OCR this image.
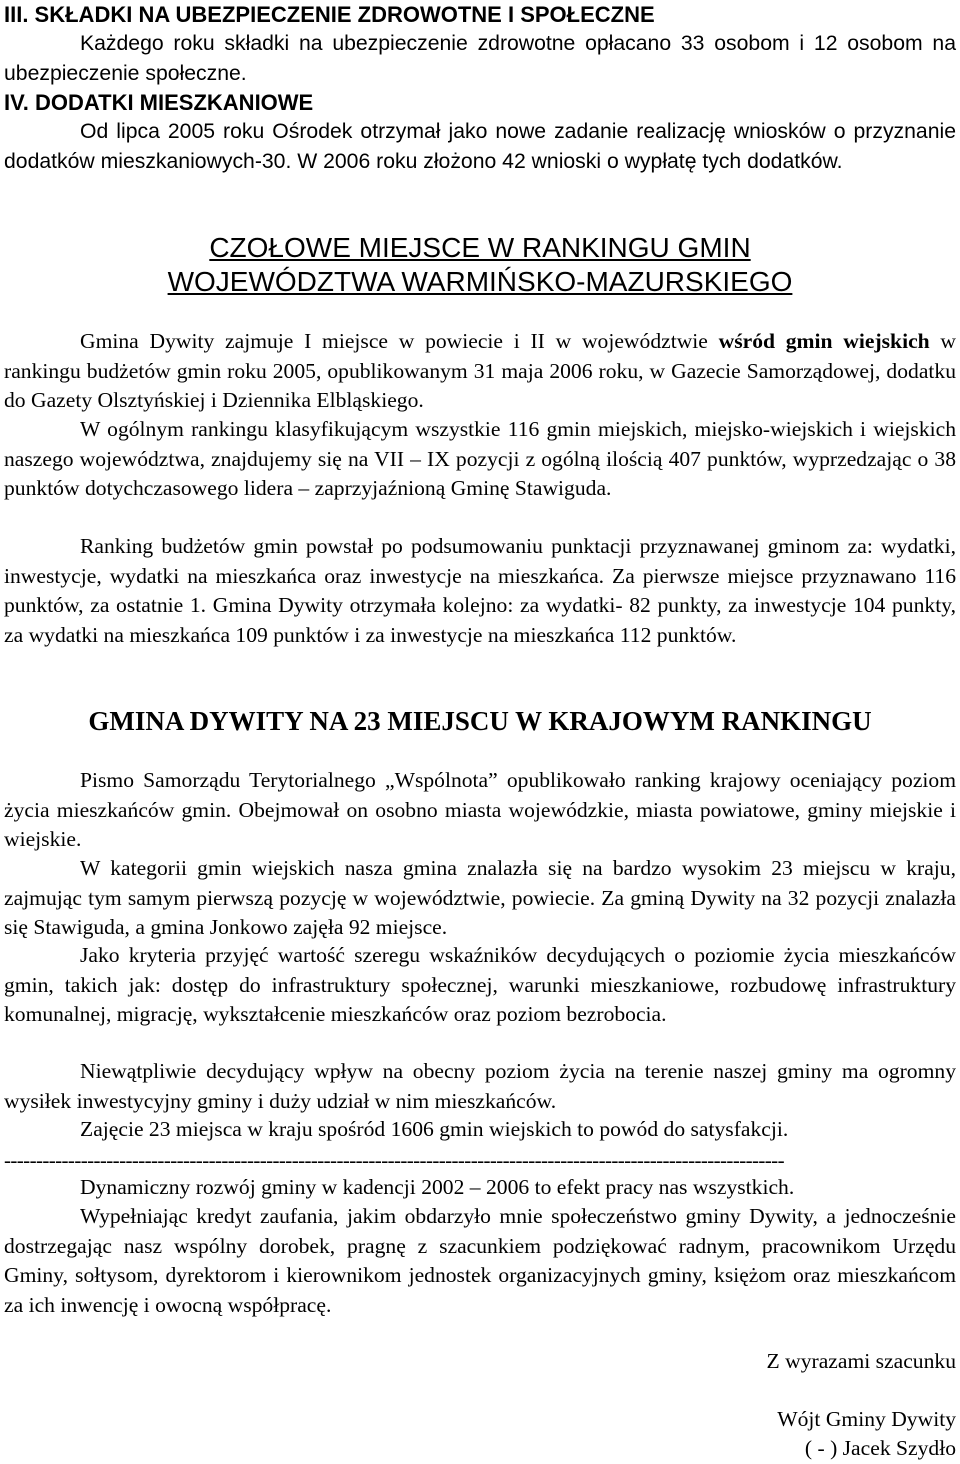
III. SKŁADKI NA UBEZPIECZENIE ZDROWOTNE I SPOŁECZNE

Każdego roku składki na ubezpieczenie zdrowotne opłacano 33 osobom i 12 osobom na ubezpieczenie społeczne.

IV. DODATKI MIESZKANIOWE

Od lipca 2005 roku Ośrodek otrzymał jako nowe zadanie realizację wniosków o przyznanie dodatków mieszkaniowych-30. W 2006 roku złożono 42 wnioski o wypłatę tych dodatków.

CZOŁOWE MIEJSCE W RANKINGU GMIN
WOJEWÓDZTWA WARMIŃSKO-MAZURSKIEGO

Gmina Dywity zajmuje I miejsce w powiecie i II w województwie wśród gmin wiejskich w rankingu budżetów gmin roku 2005, opublikowanym 31 maja 2006 roku, w Gazecie Samorządowej, dodatku do Gazety Olsztyńskiej i Dziennika Elbląskiego.

W ogólnym rankingu klasyfikującym wszystkie 116 gmin miejskich, miejsko-wiejskich i wiejskich naszego województwa, znajdujemy się na VII – IX pozycji z ogólną ilością 407 punktów, wyprzedzając o 38 punktów dotychczasowego lidera – zaprzyjaźnioną Gminę Stawiguda.

Ranking budżetów gmin powstał po podsumowaniu punktacji przyznawanej gminom za: wydatki, inwestycje, wydatki na mieszkańca oraz inwestycje na mieszkańca. Za pierwsze miejsce przyznawano 116 punktów, za ostatnie 1. Gmina Dywity otrzymała kolejno: za wydatki- 82 punkty, za inwestycje 104 punkty, za wydatki na mieszkańca 109 punktów i za inwestycje na mieszkańca 112 punktów.

GMINA DYWITY NA 23 MIEJSCU W KRAJOWYM RANKINGU

Pismo Samorządu Terytorialnego „Wspólnota” opublikowało ranking krajowy oceniający poziom życia mieszkańców gmin. Obejmował on osobno miasta wojewódzkie, miasta powiatowe, gminy miejskie i wiejskie.

W kategorii gmin wiejskich nasza gmina znalazła się na bardzo wysokim 23 miejscu w kraju, zajmując tym samym pierwszą pozycję w województwie, powiecie. Za gminą Dywity na 32 pozycji znalazła się Stawiguda, a gmina Jonkowo zajęła 92 miejsce.

Jako kryteria przyjęć wartość szeregu wskaźników decydujących o poziomie życia mieszkańców gmin, takich jak: dostęp do infrastruktury społecznej, warunki mieszkaniowe, rozbudowę infrastruktury komunalnej, migrację, wykształcenie mieszkańców oraz poziom bezrobocia.

Niewątpliwie decydujący wpływ na obecny poziom życia na terenie naszej gminy ma ogromny wysiłek inwestycyjny gminy i duży udział w nim mieszkańców.

Zajęcie 23 miejsca w kraju spośród 1606 gmin wiejskich to powód do satysfakcji.

--------------------------------------------------------------------------------------------------------------------------

Dynamiczny rozwój gminy w kadencji 2002 – 2006 to efekt pracy nas wszystkich.

Wypełniając kredyt zaufania, jakim obdarzyło mnie społeczeństwo gminy Dywity, a jednocześnie dostrzegając nasz wspólny dorobek, pragnę z szacunkiem podziękować radnym, pracownikom Urzędu Gminy, sołtysom, dyrektorom i kierownikom jednostek organizacyjnych gminy, księżom oraz mieszkańcom za ich inwencję i owocną współpracę.

Z wyrazami szacunku
Wójt Gminy Dywity
( - ) Jacek Szydło
